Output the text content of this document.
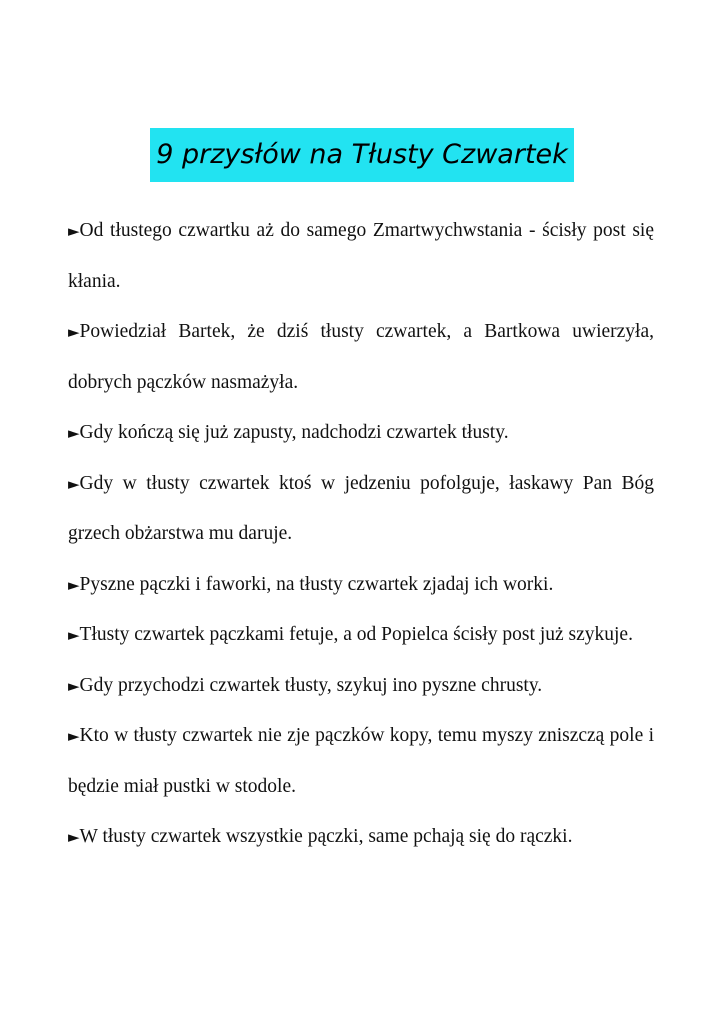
9 przysłów na Tłusty Czwartek

►Od tłustego czwartku aż do samego Zmartwychwstania - ścisły post się kłania.

►Powiedział Bartek, że dziś tłusty czwartek, a Bartkowa uwierzyła, dobrych pączków nasmażyła.

►Gdy kończą się już zapusty, nadchodzi czwartek tłusty.

►Gdy w tłusty czwartek ktoś w jedzeniu pofolguje, łaskawy Pan Bóg grzech obżarstwa mu daruje.

►Pyszne pączki i faworki, na tłusty czwartek zjadaj ich worki.

►Tłusty czwartek pączkami fetuje, a od Popielca ścisły post już szykuje.

►Gdy przychodzi czwartek tłusty, szykuj ino pyszne chrusty.

►Kto w tłusty czwartek nie zje pączków kopy, temu myszy zniszczą pole i będzie miał pustki w stodole.

►W tłusty czwartek wszystkie pączki, same pchają się do rączki.
